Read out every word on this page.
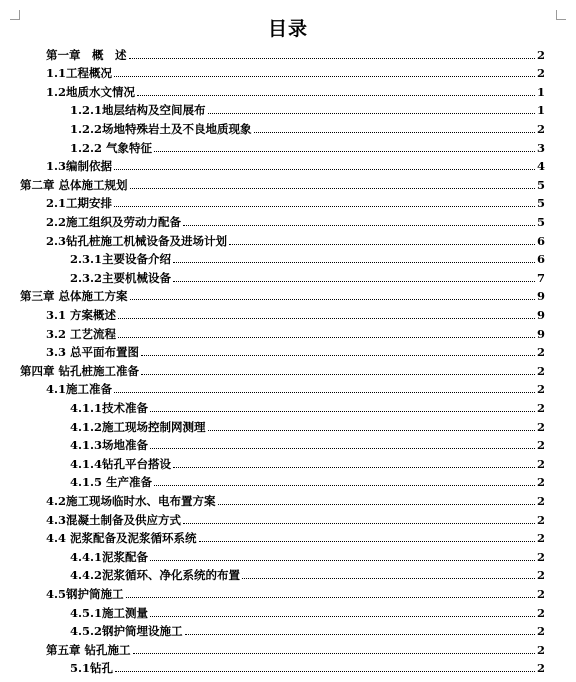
目录
第一章　概　述	2
1.1工程概况	2
1.2地质水文情况	1
1.2.1地层结构及空间展布	1
1.2.2场地特殊岩土及不良地质现象	2
1.2.2 气象特征	3
1.3编制依据	4
第二章 总体施工规划	5
2.1工期安排	5
2.2施工组织及劳动力配备	5
2.3钻孔桩施工机械设备及进场计划	6
2.3.1主要设备介绍	6
2.3.2主要机械设备	7
第三章 总体施工方案	9
3.1 方案概述	9
3.2 工艺流程	9
3.3 总平面布置图	2
第四章 钻孔桩施工准备	2
4.1施工准备	2
4.1.1技术准备	2
4.1.2施工现场控制网测理	2
4.1.3场地准备	2
4.1.4钻孔平台搭设	2
4.1.5 生产准备	2
4.2施工现场临时水、电布置方案	2
4.3混凝土制备及供应方式	2
4.4 泥浆配备及泥浆循环系统	2
4.4.1泥浆配备	2
4.4.2泥浆循环、净化系统的布置	2
4.5钢护筒施工	2
4.5.1施工测量	2
4.5.2钢护筒埋设施工	2
第五章 钻孔施工	2
5.1钻孔	2
